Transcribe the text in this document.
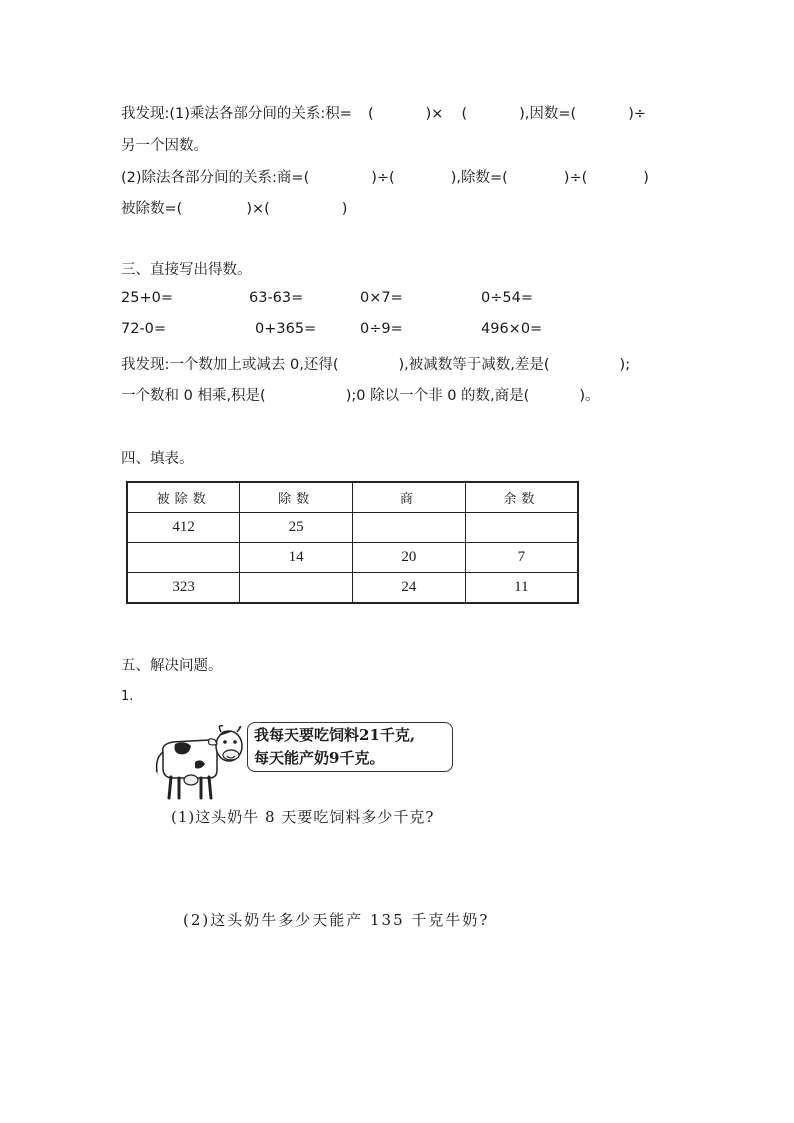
我发现:(1)乘法各部分间的关系:积= (	)× (	),因数=(	)÷
另一个因数。
(2)除法各部分间的关系:商=(	)÷(	),除数=(	)÷(	)
被除数=(	)×(	)
三、直接写出得数。
25+0=	63-63=	0×7=	0÷54=
72-0=	0+365=	0÷9=	496×0=
我发现:一个数加上或减去 0,还得(	),被减数等于减数,差是(	);
一个数和 0 相乘,积是(	);0 除以一个非 0 的数,商是(	)。
四、填表。
被除数	除数	商	余数
412	25		
	14	20	7
323		24	11
五、解决问题。
1.
我每天要吃饲料21千克,
每天能产奶9千克。
(1)这头奶牛 8 天要吃饲料多少千克?
(2)这头奶牛多少天能产 135 千克牛奶?
